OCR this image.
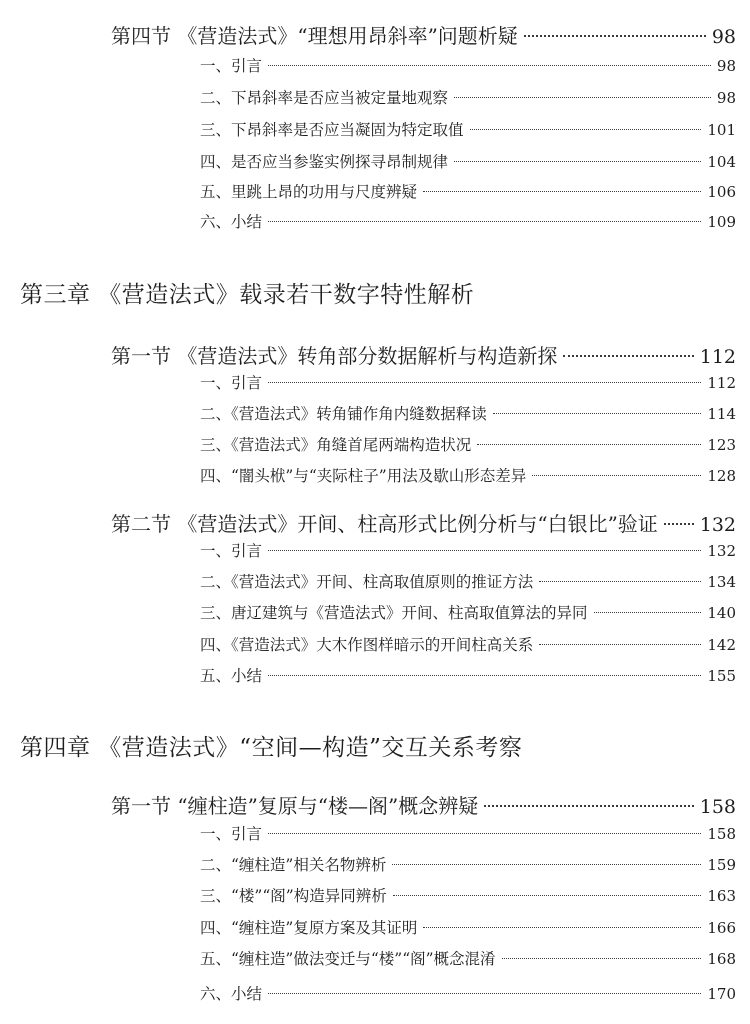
第四节 《营造法式》“理想用昂斜率”问题析疑	98
一、引言	98
二、下昂斜率是否应当被定量地观察	98
三、下昂斜率是否应当凝固为特定取值	101
四、是否应当参鉴实例探寻昂制规律	104
五、里跳上昂的功用与尺度辨疑	106
六、小结	109
第三章 《营造法式》载录若干数字特性解析
第一节 《营造法式》转角部分数据解析与构造新探	112
一、引言	112
二、《营造法式》转角铺作角内缝数据释读	114
三、《营造法式》角缝首尾两端构造状况	123
四、“闇头栿”与“夹际柱子”用法及歇山形态差异	128
第二节 《营造法式》开间、柱高形式比例分析与“白银比”验证 132
一、引言	132
二、《营造法式》开间、柱高取值原则的推证方法	134
三、唐辽建筑与《营造法式》开间、柱高取值算法的异同	140
四、《营造法式》大木作图样暗示的开间柱高关系	142
五、小结	155
第四章 《营造法式》“空间—构造”交互关系考察
第一节 “缠柱造”复原与“楼—阁”概念辨疑	158
一、引言	158
二、“缠柱造”相关名物辨析	159
三、“楼”“阁”构造异同辨析	163
四、“缠柱造”复原方案及其证明	166
五、“缠柱造”做法变迁与“楼”“阁”概念混淆	168
六、小结	170
